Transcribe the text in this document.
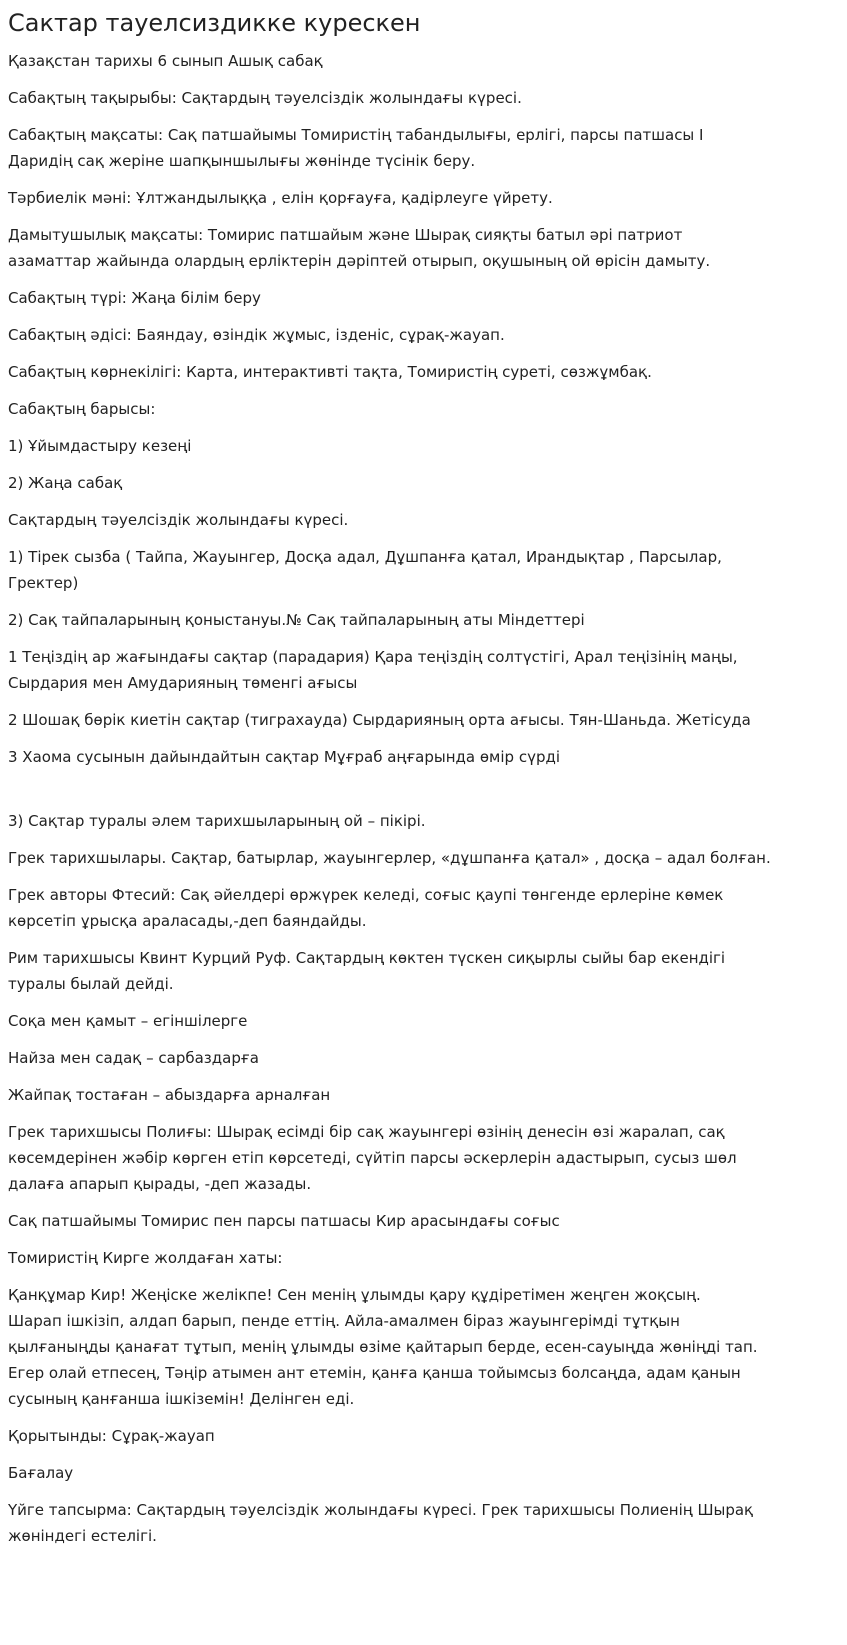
Сактар тауелсиздикке курескен
Қазақстан тарихы 6 сынып Ашық сабақ
Сабақтың тақырыбы: Сақтардың тәуелсіздік жолындағы күресі.
Сабақтың мақсаты: Сақ патшайымы Томиристің табандылығы, ерлігі, парсы патшасы I
Даридің сақ жеріне шапқыншылығы жөнінде түсінік беру.
Тәрбиелік мәні: Ұлтжандылыққа , елін қорғауға, қадірлеуге үйрету.
Дамытушылық мақсаты: Томирис патшайым және Шырақ сияқты батыл әрі патриот
азаматтар жайында олардың ерліктерін дәріптей отырып, оқушының ой өрісін дамыту.
Сабақтың түрі: Жаңа білім беру
Сабақтың әдісі: Баяндау, өзіндік жұмыс, ізденіс, сұрақ-жауап.
Сабақтың көрнекілігі: Карта, интерактивті тақта, Томиристің суреті, сөзжұмбақ.
Сабақтың барысы:
1) Ұйымдастыру кезеңі
2) Жаңа сабақ
Сақтардың тәуелсіздік жолындағы күресі.
1) Тірек сызба ( Тайпа, Жауынгер, Досқа адал, Дұшпанға қатал, Ирандықтар , Парсылар,
Гректер)
2) Сақ тайпаларының қоныстануы.№ Сақ тайпаларының аты Міндеттері
1 Теңіздің ар жағындағы сақтар (парадария) Қара теңіздің солтүстігі, Арал теңізінің маңы,
Сырдария мен Амударияның төменгі ағысы
2 Шошақ бөрік киетін сақтар (тиграхауда) Сырдарияның орта ағысы. Тян-Шаньда. Жетісуда
3 Хаома сусынын дайындайтын сақтар Мұғраб аңғарында өмір сүрді
3) Сақтар туралы әлем тарихшыларының ой – пікірі.
Грек тарихшылары. Сақтар, батырлар, жауынгерлер, «дұшпанға қатал» , досқа – адал болған.
Грек авторы Фтесий: Сақ әйелдері өржүрек келеді, соғыс қаупі төнгенде ерлеріне көмек
көрсетіп ұрысқа араласады,-деп баяндайды.
Рим тарихшысы Квинт Курций Руф. Сақтардың көктен түскен сиқырлы сыйы бар екендігі
туралы былай дейді.
Соқа мен қамыт – егіншілерге
Найза мен садақ – сарбаздарға
Жайпақ тостаған – абыздарға арналған
Грек тарихшысы Полиғы: Шырақ есімді бір сақ жауынгері өзінің денесін өзі жаралап, сақ
көсемдерінен жәбір көрген етіп көрсетеді, сүйтіп парсы әскерлерін адастырып, сусыз шөл
далаға апарып қырады, -деп жазады.
Сақ патшайымы Томирис пен парсы патшасы Кир арасындағы соғыс
Томиристің Кирге жолдаған хаты:
Қанқұмар Кир! Жеңіске желікпе! Сен менің ұлымды қару құдіретімен жеңген жоқсың.
Шарап ішкізіп, алдап барып, пенде еттің. Айла-амалмен біраз жауынгерімді тұтқын
қылғаныңды қанағат тұтып, менің ұлымды өзіме қайтарып берде, есен-сауыңда жөніңді тап.
Егер олай етпесең, Тәңір атымен ант етемін, қанға қанша тойымсыз болсаңда, адам қанын
сусының қанғанша ішкіземін! Делінген еді.
Қорытынды: Сұрақ-жауап
Бағалау
Үйге тапсырма: Сақтардың тәуелсіздік жолындағы күресі. Грек тарихшысы Полиенің Шырақ
жөніндегі естелігі.
